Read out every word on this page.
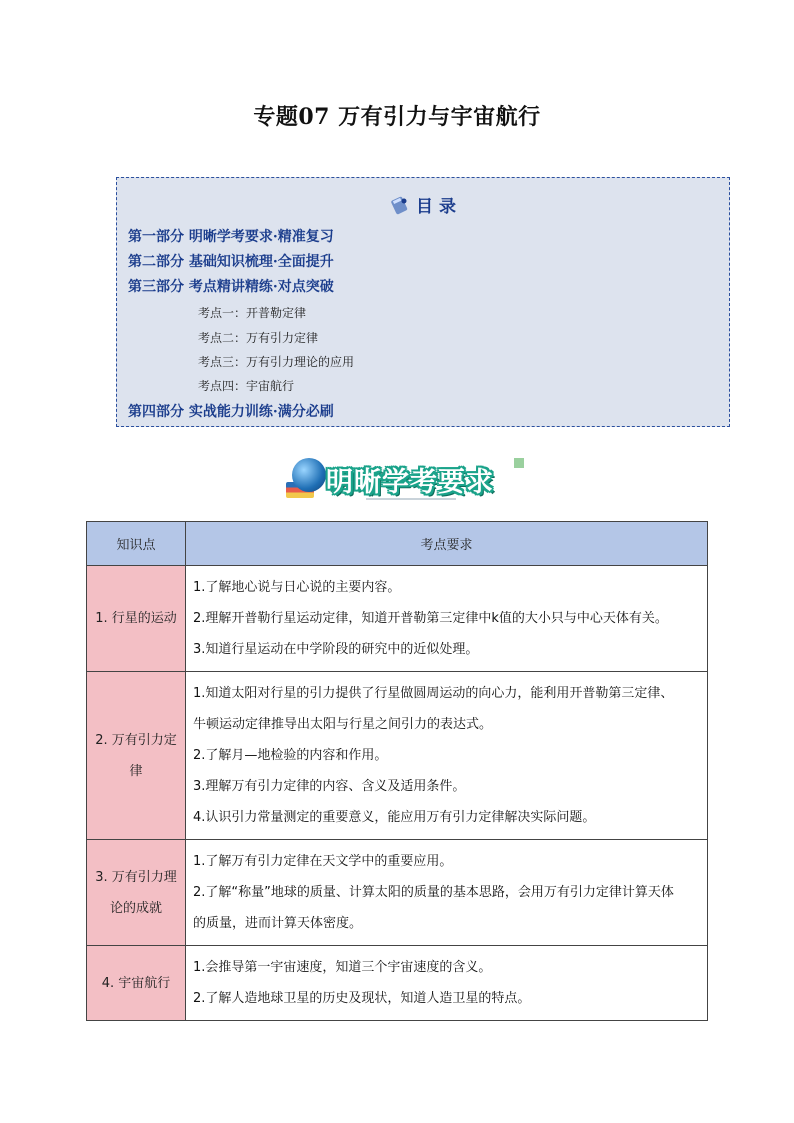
专题07 万有引力与宇宙航行
目 录
第一部分 明晰学考要求·精准复习
第二部分 基础知识梳理·全面提升
第三部分 考点精讲精练·对点突破
考点一：开普勒定律
考点二：万有引力定律
考点三：万有引力理论的应用
考点四：宇宙航行
第四部分 实战能力训练·满分必刷
明晰学考要求
知识点	考点要求
1. 行星的运动	1.了解地心说与日心说的主要内容。
2.理解开普勒行星运动定律，知道开普勒第三定律中k值的大小只与中心天体有关。
3.知道行星运动在中学阶段的研究中的近似处理。

2. 万有引力定律	1.知道太阳对行星的引力提供了行星做圆周运动的向心力，能利用开普勒第三定律、
牛顿运动定律推导出太阳与行星之间引力的表达式。
2.了解月—地检验的内容和作用。
3.理解万有引力定律的内容、含义及适用条件。
4.认识引力常量测定的重要意义，能应用万有引力定律解决实际问题。

3. 万有引力理论的成就	1.了解万有引力定律在天文学中的重要应用。
2.了解“称量”地球的质量、计算太阳的质量的基本思路，会用万有引力定律计算天体
的质量，进而计算天体密度。

4. 宇宙航行	1.会推导第一宇宙速度，知道三个宇宙速度的含义。
2.了解人造地球卫星的历史及现状，知道人造卫星的特点。
